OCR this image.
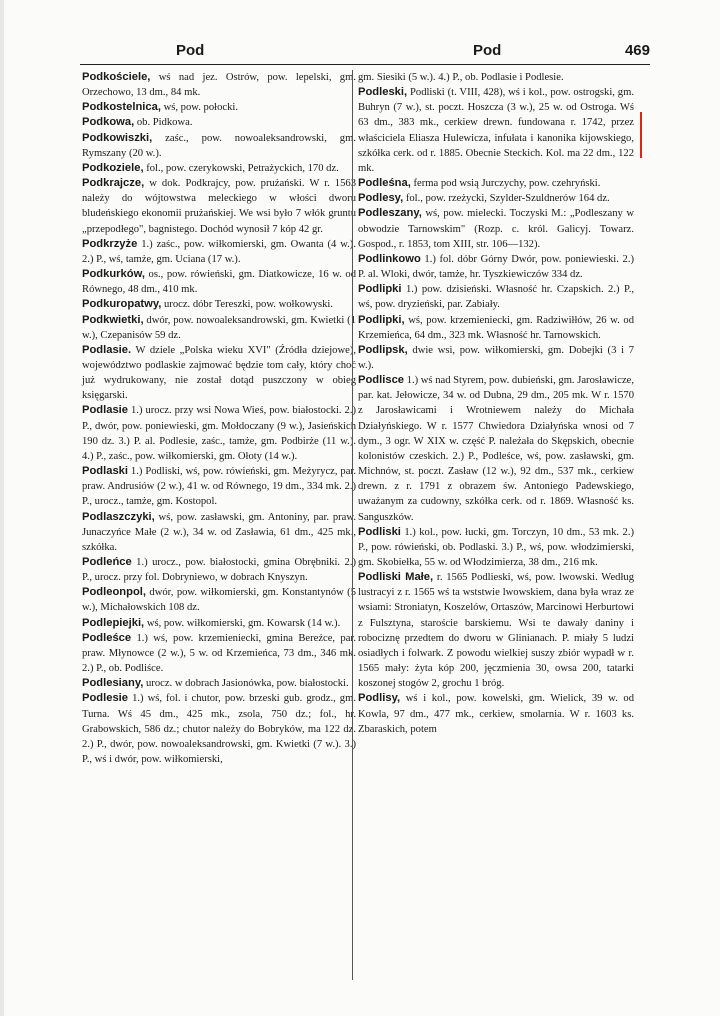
Pod	Pod	469

Podkościele, wś nad jez. Ostrów, pow. lepelski, gm. Orzechowo, 13 dm., 84 mk.

Podkostelnica, wś, pow. połocki.

Podkowa, ob. Pidkowa.

Podkowiszki, zaśc., pow. nowoaleksandrowski, gm. Rymszany (20 w.).

Podkoziele, fol., pow. czerykowski, Petrażyckich, 170 dz.

Podkrajcze, w dok. Podkrajcy, pow. prużański. W r. 1563 należy do wójtowstwa meleckiego w włości dworu bludeńskiego ekonomii prużańskiej. We wsi było 7 włók gruntu „przepodłego", bagnistego. Dochód wynosił 7 kóp 42 gr.

Podkrzyże 1.) zaśc., pow. wiłkomierski, gm. Owanta (4 w.). 2.) P., wś, tamże, gm. Uciana (17 w.).

Podkurków, os., pow. rówieński, gm. Diatkowicze, 16 w. od Równego, 48 dm., 410 mk.

Podkuropatwy, urocz. dóbr Tereszki, pow. wołkowyski.

Podkwietki, dwór, pow. nowoaleksandrowski, gm. Kwietki (1 w.), Czepanisów 59 dz.

Podlasie. W dziele „Polska wieku XVI" (Źródła dziejowe), województwo podlaskie zajmować będzie tom cały, który choć już wydrukowany, nie został dotąd puszczony w obieg księgarski.

Podlasie 1.) urocz. przy wsi Nowa Wieś, pow. białostocki. 2.) P., dwór, pow. poniewieski, gm. Mołdoczany (9 w.), Jasieńskich 190 dz. 3.) P. al. Podlesie, zaśc., tamże, gm. Podbirże (11 w.). 4.) P., zaśc., pow. wiłkomierski, gm. Ołoty (14 w.).

Podlaski 1.) Podliski, wś, pow. rówieński, gm. Meżyrycz, par. praw. Andrusiów (2 w.), 41 w. od Równego, 19 dm., 334 mk. 2.) P., urocz., tamże, gm. Kostopol.

Podlaszczyki, wś, pow. zasławski, gm. Antoniny, par. praw. Junaczyńce Małe (2 w.), 34 w. od Zasławia, 61 dm., 425 mk., szkółka.

Podleńce 1.) urocz., pow. białostocki, gmina Obrębniki. 2.) P., urocz. przy fol. Dobryniewo, w dobrach Knyszyn.

Podleonpol, dwór, pow. wiłkomierski, gm. Konstantynów (5 w.), Michałowskich 108 dz.

Podlepiejki, wś, pow. wiłkomierski, gm. Kowarsk (14 w.).

Podleśce 1.) wś, pow. krzemieniecki, gmina Bereźce, par. praw. Młynowce (2 w.), 5 w. od Krzemieńca, 73 dm., 346 mk. 2.) P., ob. Podliśce.

Podlesiany, urocz. w dobrach Jasionówka, pow. białostocki.

Podlesie 1.) wś, fol. i chutor, pow. brzeski gub. grodz., gm. Turna. Wś 45 dm., 425 mk., zsola, 750 dz.; fol., hr. Grabowskich, 586 dz.; chutor należy do Bobryków, ma 122 dz. 2.) P., dwór, pow. nowoaleksandrowski, gm. Kwietki (7 w.). 3.) P., wś i dwór, pow. wiłkomierski,

gm. Siesiki (5 w.). 4.) P., ob. Podlasie i Podlesie.

Podleski, Podliski (t. VIII, 428), wś i kol., pow. ostrogski, gm. Buhryn (7 w.), st. poczt. Hoszcza (3 w.), 25 w. od Ostroga. Wś 63 dm., 383 mk., cerkiew drewn. fundowana r. 1742, przez właściciela Eliasza Hulewicza, infułata i kanonika kijowskiego, szkółka cerk. od r. 1885. Obecnie Steckich. Kol. ma 22 dm., 122 mk.

Podleśna, ferma pod wsią Jurczychy, pow. czehryński.

Podlesy, fol., pow. rzeżycki, Szylder-Szuldnerów 164 dz.

Podleszany, wś, pow. mielecki. Toczyski M.: „Podleszany w obwodzie Tarnowskim" (Rozp. c. król. Galicyj. Towarz. Gospod., r. 1853, tom XIII, str. 106—132).

Podlinkowo 1.) fol. dóbr Górny Dwór, pow. poniewieski. 2.) P. al. Wloki, dwór, tamże, hr. Tyszkiewiczów 334 dz.

Podlipki 1.) pow. dzisieński. Własność hr. Czapskich. 2.) P., wś, pow. dryzieński, par. Zabiały.

Podlipki, wś, pow. krzemieniecki, gm. Radziwiłłów, 26 w. od Krzemieńca, 64 dm., 323 mk. Własność hr. Tarnowskich.

Podlipsk, dwie wsi, pow. wiłkomierski, gm. Dobejki (3 i 7 w.).

Podlisce 1.) wś nad Styrem, pow. dubieński, gm. Jarosławicze, par. kat. Jełowicze, 34 w. od Dubna, 29 dm., 205 mk. W r. 1570 z Jarosławicami i Wrotniewem należy do Michała Działyńskiego. W r. 1577 Chwiedora Działyńska wnosi od 7 dym., 3 ogr. W XIX w. część P. należała do Skępskich, obecnie kolonistów czeskich. 2.) P., Podleśce, wś, pow. zasławski, gm. Michnów, st. poczt. Zasław (12 w.), 92 dm., 537 mk., cerkiew drewn. z r. 1791 z obrazem św. Antoniego Padewskiego, uważanym za cudowny, szkółka cerk. od r. 1869. Własność ks. Sanguszków.

Podliski 1.) kol., pow. łucki, gm. Torczyn, 10 dm., 53 mk. 2.) P., pow. rówieński, ob. Podlaski. 3.) P., wś, pow. włodzimierski, gm. Skobiełka, 55 w. od Włodzimierza, 38 dm., 216 mk.

Podliski Małe, r. 1565 Podlieski, wś, pow. lwowski. Według lustracyi z r. 1565 wś ta wststwie lwowskiem, dana była wraz ze wsiami: Stroniatyn, Koszelów, Ortaszów, Marcinowi Herburtowi z Fulsztyna, staroście barskiemu. Wsi te dawały daniny i robociznę przedtem do dworu w Glinianach. P. miały 5 ludzi osiadłych i folwark. Z powodu wielkiej suszy zbiór wypadł w r. 1565 mały: żyta kóp 200, jęczmienia 30, owsa 200, tatarki koszonej stogów 2, grochu 1 bróg.

Podlisy, wś i kol., pow. kowelski, gm. Wielick, 39 w. od Kowla, 97 dm., 477 mk., cerkiew, smolarnia. W r. 1603 ks. Zbaraskich, potem
